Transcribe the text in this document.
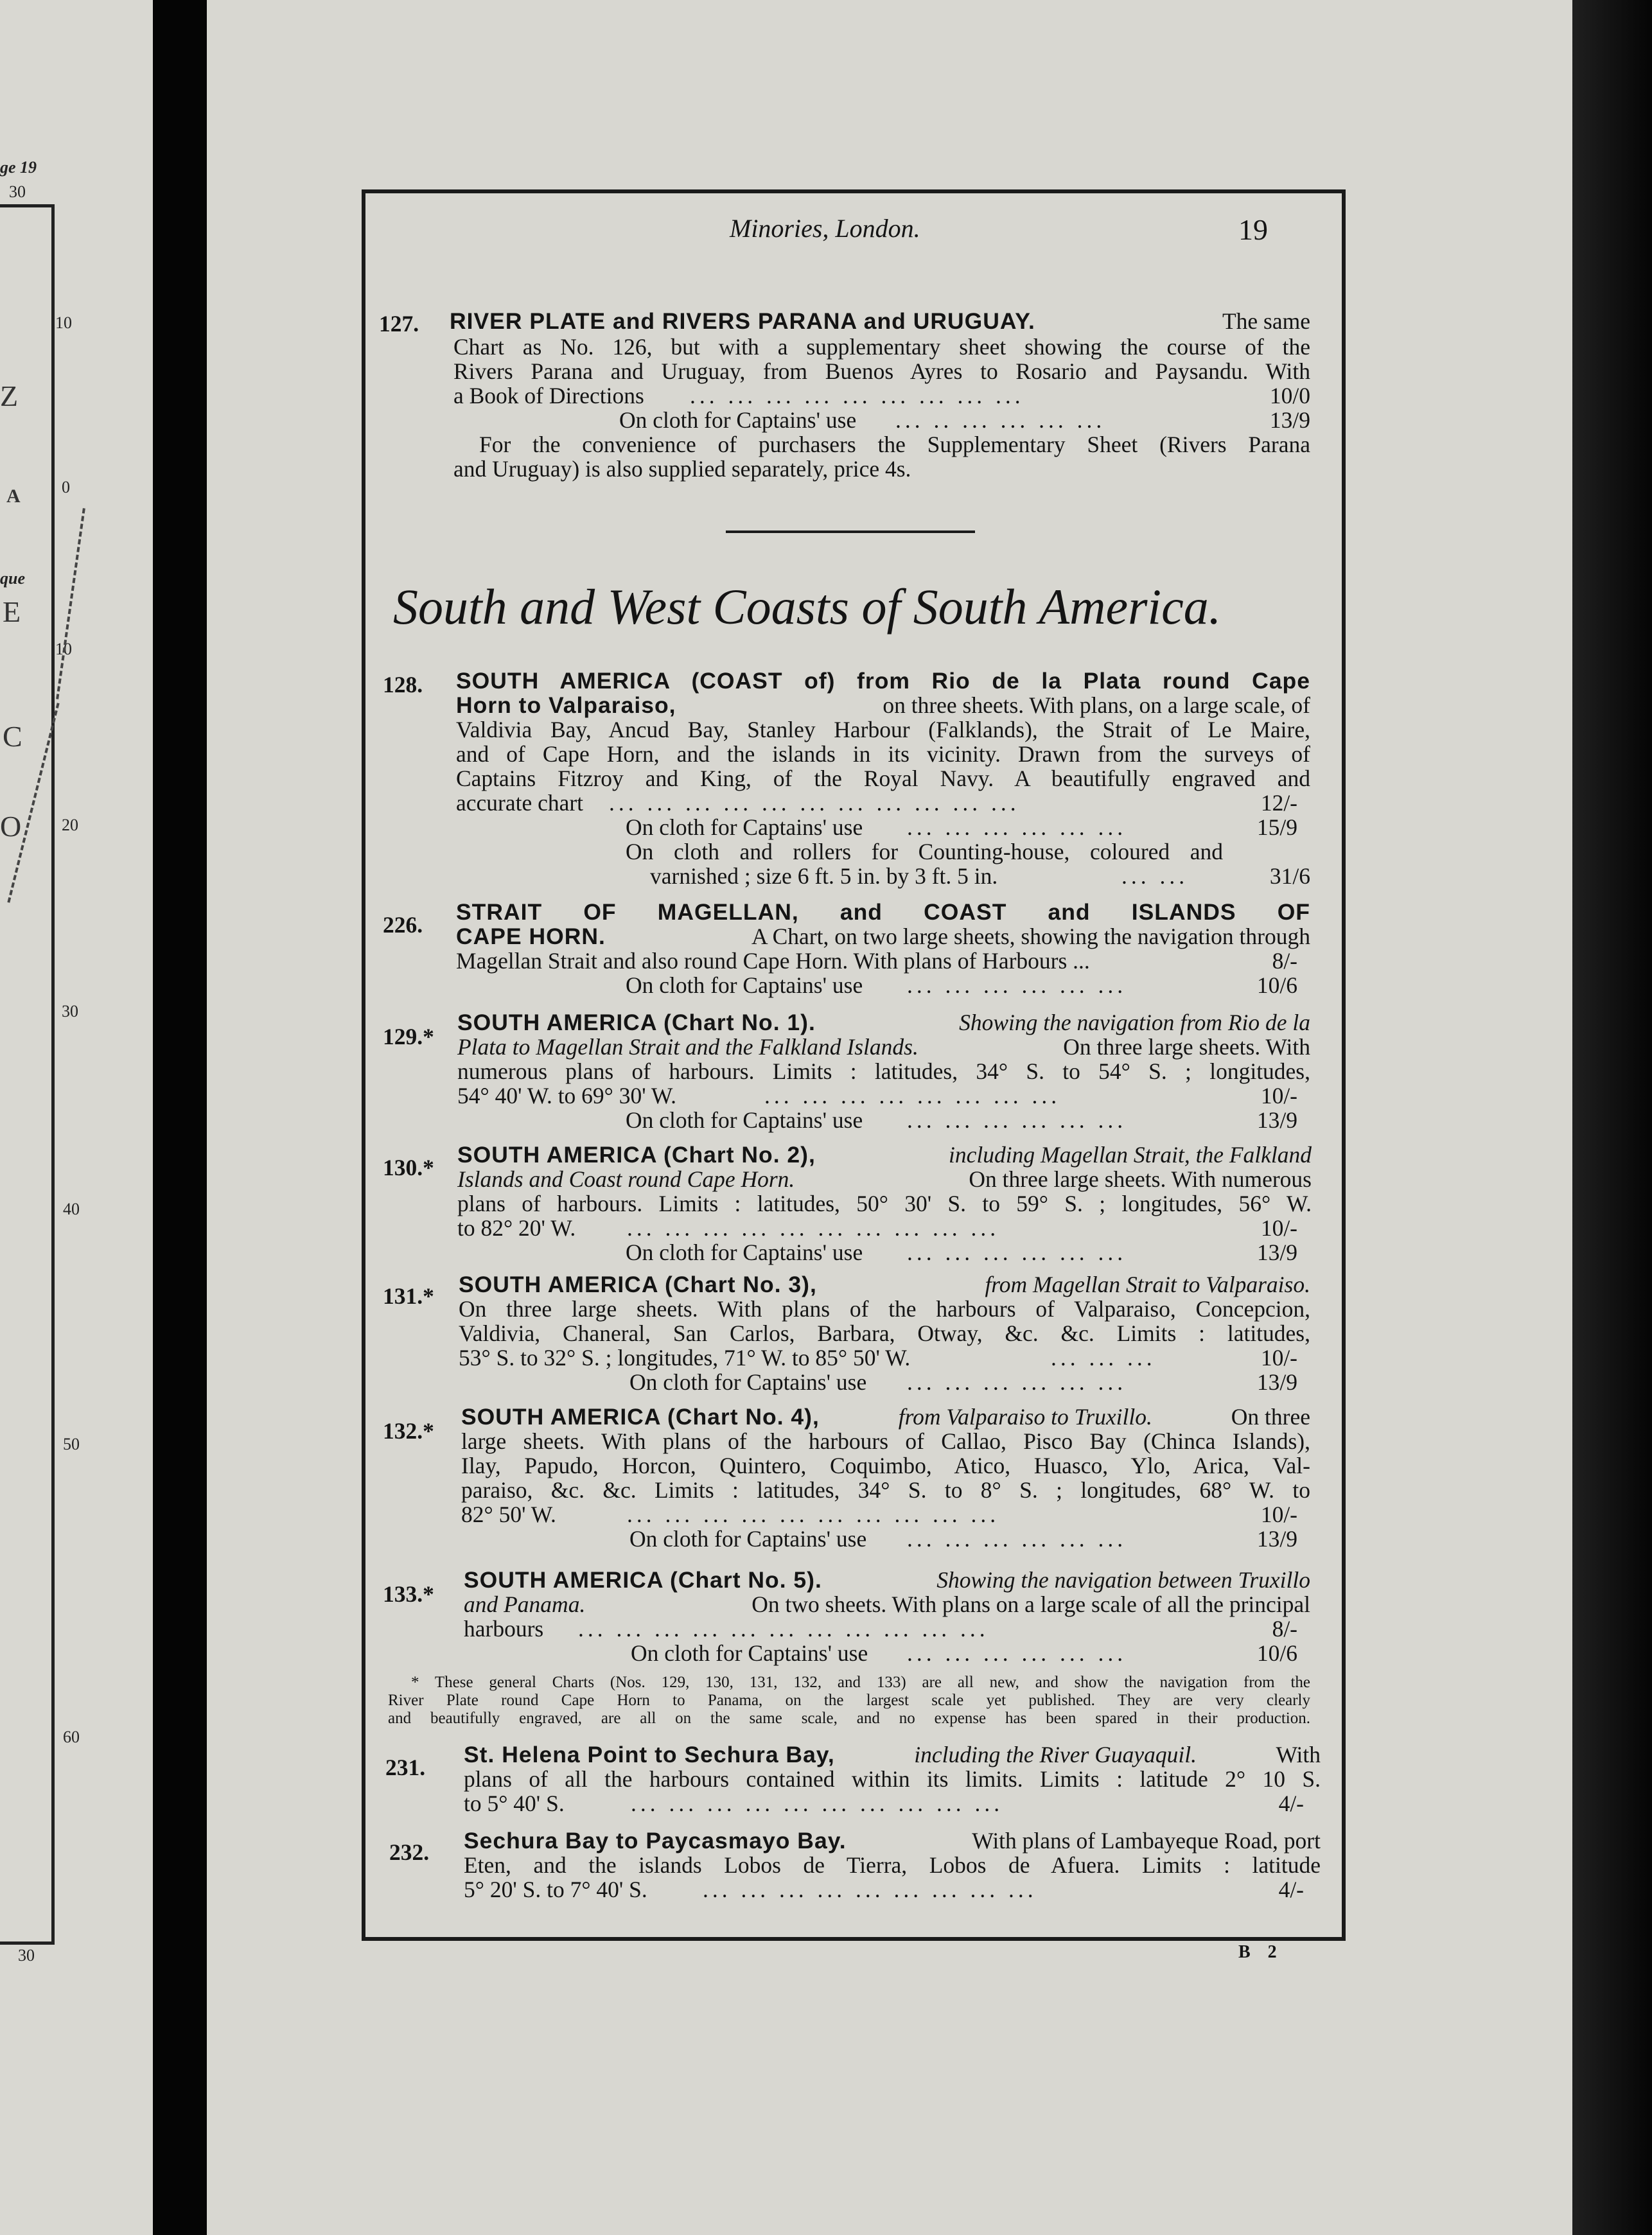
ge 19
30
10
0
10
20
30
40
50
60
30
Z
A
que
E
C
O
Minories, London.	19
127. RIVER PLATE and RIVERS PARANA and URUGUAY.	The same
Chart as No. 126, but with a supplementary sheet showing the course of the
Rivers Parana and Uruguay, from Buenos Ayres to Rosario and Paysandu. With
a Book of Directions ... ... ... ... ... ... ... ... ...	10/0
On cloth for Captains' use ... .. ... ... ... ...	13/9
For the convenience of purchasers the Supplementary Sheet (Rivers Parana
and Uruguay) is also supplied separately, price 4s.
South and West Coasts of South America.
128. SOUTH AMERICA (COAST of) from Rio de la Plata round Cape
Horn to Valparaiso,	on three sheets. With plans, on a large scale, of
Valdivia Bay, Ancud Bay, Stanley Harbour (Falklands), the Strait of Le Maire,
and of Cape Horn, and the islands in its vicinity. Drawn from the surveys of
Captains Fitzroy and King, of the Royal Navy. A beautifully engraved and
accurate chart ... ... ... ... ... ... ... ... ... ... ...	12/-
On cloth for Captains' use ... ... ... ... ... ...	15/9
On cloth and rollers for Counting-house, coloured and
varnished ; size 6 ft. 5 in. by 3 ft. 5 in.	... ...	31/6
226. STRAIT OF MAGELLAN, and COAST and ISLANDS OF
CAPE HORN.	A Chart, on two large sheets, showing the navigation through
Magellan Strait and also round Cape Horn. With plans of Harbours ...	8/-
On cloth for Captains' use ... ... ... ... ... ...	10/6
129.*
SOUTH AMERICA (Chart No. 1).	Showing the navigation from Rio de la
Plata to Magellan Strait and the Falkland Islands.	On three large sheets. With
numerous plans of harbours. Limits : latitudes, 34° S. to 54° S. ; longitudes,
54° 40' W. to 69° 30' W.	... ... ... ... ... ... ... ...	10/-
On cloth for Captains' use ... ... ... ... ... ...	13/9
130.* SOUTH AMERICA (Chart No. 2),	including Magellan Strait, the Falkland
Islands and Coast round Cape Horn.	On three large sheets. With numerous
plans of harbours. Limits : latitudes, 50° 30' S. to 59° S. ; longitudes, 56° W.
to 82° 20' W. ... ... ... ... ... ... ... ... ... ...	10/-
On cloth for Captains' use ... ... ... ... ... ...	13/9
131.* SOUTH AMERICA (Chart No. 3),	from Magellan Strait to Valparaiso.
On three large sheets. With plans of the harbours of Valparaiso, Concepcion,
Valdivia, Chaneral, San Carlos, Barbara, Otway, &c. &c. Limits : latitudes,
53° S. to 32° S. ; longitudes, 71° W. to 85° 50' W.	... ... ...	10/-
On cloth for Captains' use ... ... ... ... ... ...	13/9
132.*
SOUTH AMERICA (Chart No. 4),	from Valparaiso to Truxillo.	On three
large sheets. With plans of the harbours of Callao, Pisco Bay (Chinca Islands),
Ilay, Papudo, Horcon, Quintero, Coquimbo, Atico, Huasco, Ylo, Arica, Val-
paraiso, &c. &c. Limits : latitudes, 34° S. to 8° S. ; longitudes, 68° W. to
82° 50' W.	... ... ... ... ... ... ... ... ... ...	10/-
On cloth for Captains' use ... ... ... ... ... ...	13/9
133.*
SOUTH AMERICA (Chart No. 5).	Showing the navigation between Truxillo
and Panama.	On two sheets. With plans on a large scale of all the principal
harbours ... ... ... ... ... ... ... ... ... ... ...	8/-
On cloth for Captains' use ... ... ... ... ... ...	10/6
* These general Charts (Nos. 129, 130, 131, 132, and 133) are all new, and show the navigation from the
River Plate round Cape Horn to Panama, on the largest scale yet published. They are very clearly
and beautifully engraved, are all on the same scale, and no expense has been spared in their production.
231. St. Helena Point to Sechura Bay,	including the River Guayaquil.	With
plans of all the harbours contained within its limits. Limits : latitude 2° 10 S.
to 5° 40' S.	... ... ... ... ... ... ... ... ... ...	4/-
232. Sechura Bay to Paycasmayo Bay.	With plans of Lambayeque Road, port
Eten, and the islands Lobos de Tierra, Lobos de Afuera. Limits : latitude
5° 20' S. to 7° 40' S. ... ... ... ... ... ... ... ... ...	4/-
B 2
